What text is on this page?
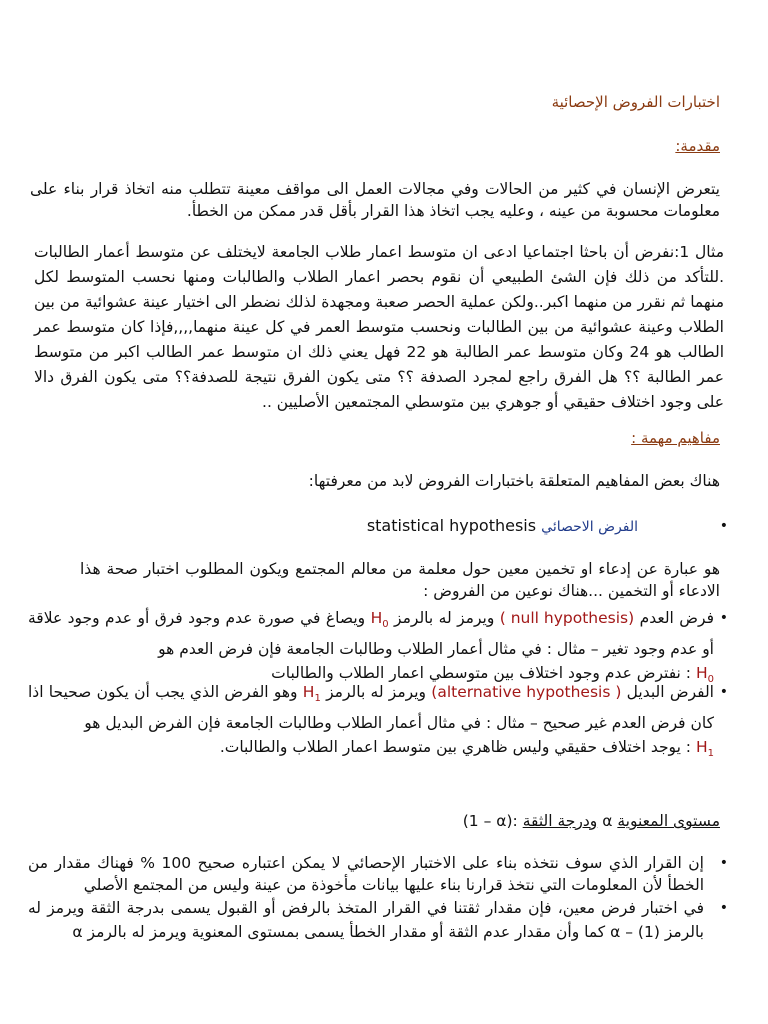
اختبارات الفروض الإحصائية
مقدمة:

يتعرض الإنسان في كثير من الحالات وفي مجالات العمل الى مواقف معينة تتطلب منه اتخاذ قرار بناء على معلومات محسوبة من عينه ، وعليه يجب اتخاذ هذا القرار بأقل قدر ممكن من الخطأ.

مثال 1:نفرض أن باحثا اجتماعيا ادعى ان متوسط اعمار طلاب الجامعة لايختلف عن متوسط أعمار الطالبات .للتأكد من ذلك فإن الشئ الطبيعي أن نقوم بحصر اعمار الطلاب والطالبات ومنها نحسب المتوسط لكل منهما ثم نقرر من منهما اكبر..ولكن عملية الحصر صعبة ومجهدة لذلك نضطر الى اختيار عينة عشوائية من بين الطلاب وعينة عشوائية من بين الطالبات ونحسب متوسط العمر في كل عينة منهما,,,,فإذا كان متوسط عمر الطالب هو 24 وكان متوسط عمر الطالبة هو 22 فهل يعني ذلك ان متوسط عمر الطالب اكبر من متوسط عمر الطالبة ؟؟ هل الفرق راجع لمجرد الصدفة ؟؟ متى يكون الفرق نتيجة للصدفة؟؟ متى يكون الفرق دالا على وجود اختلاف حقيقي أو جوهري بين متوسطي المجتمعين الأصليين ..

مفاهيم مهمة :

هناك بعض المفاهيم المتعلقة باختبارات الفروض لابد من معرفتها:

•
الفرض الاحصائي statistical hypothesis

هو عبارة عن إدعاء او تخمين معين حول معلمة من معالم المجتمع ويكون المطلوب اختبار صحة هذا الادعاء أو التخمين ...هناك نوعين من الفروض :

•
فرض العدم ( null hypothesis) ويرمز له بالرمز $H_0$ ويصاغ في صورة عدم وجود فرق أو عدم وجود علاقة أو عدم وجود تغير – مثال : في مثال أعمار الطلاب وطالبات الجامعة فإن فرض العدم هو
$H_0$ : نفترض عدم وجود اختلاف بين متوسطي اعمار الطلاب والطالبات
•
الفرض البديل (alternative hypothesis ) ويرمز له بالرمز $H_1$ وهو الفرض الذي يجب أن يكون صحيحا اذا كان فرض العدم غير صحيح – مثال : في مثال أعمار الطلاب وطالبات الجامعة فإن الفرض البديل هو
$H_1$ : يوجد اختلاف حقيقي وليس ظاهري بين متوسط اعمار الطلاب والطالبات.
مستوى المعنوية α ودرجة الثقة (1 – α):
•
إن القرار الذي سوف نتخذه بناء على الاختبار الإحصائي لا يمكن اعتباره صحيح 100 % فهناك مقدار من الخطأ لأن المعلومات التي نتخذ قرارنا بناء عليها بيانات مأخوذة من عينة وليس من المجتمع الأصلي
•
في اختبار فرض معين، فإن مقدار ثقتنا في القرار المتخذ بالرفض أو القبول يسمى بدرجة الثقة ويرمز له بالرمز (1) – α كما وأن مقدار عدم الثقة أو مقدار الخطأ يسمى بمستوى المعنوية ويرمز له بالرمز α
